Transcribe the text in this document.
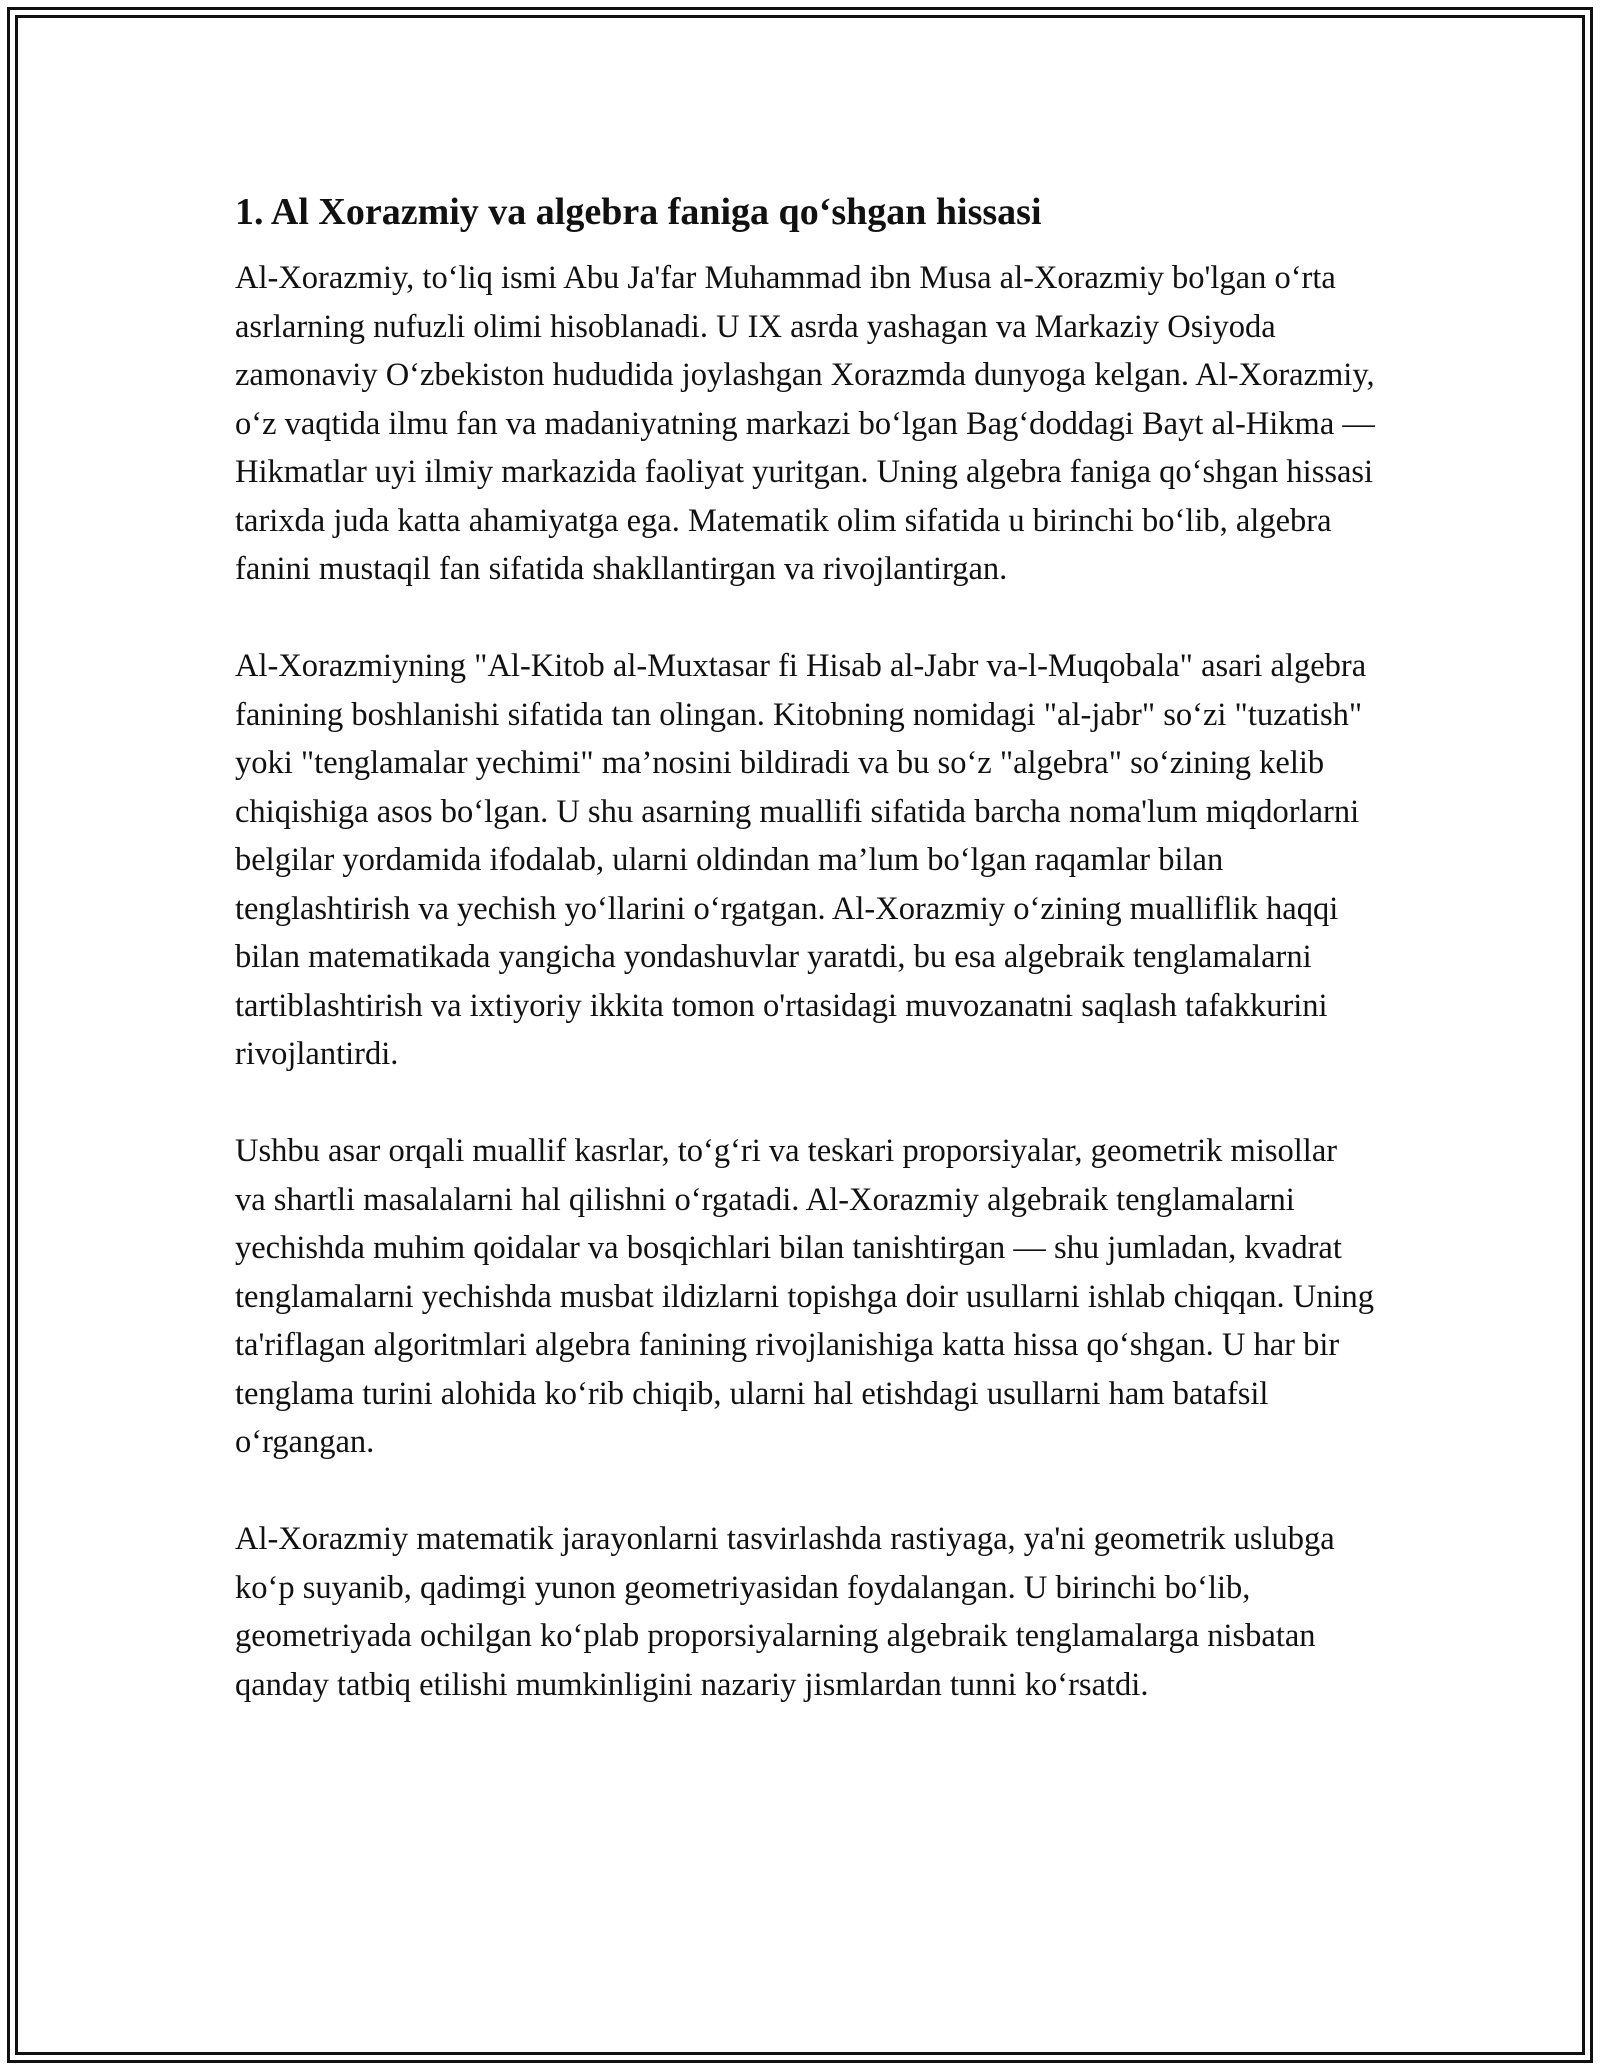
1. Al Xorazmiy va algebra faniga qo‘shgan hissasi

Al-Xorazmiy, to‘liq ismi Abu Ja'far Muhammad ibn Musa al-Xorazmiy bo'lgan o‘rta asrlarning nufuzli olimi hisoblanadi. U IX asrda yashagan va Markaziy Osiyoda zamonaviy O‘zbekiston hududida joylashgan Xorazmda dunyoga kelgan. Al-Xorazmiy, o‘z vaqtida ilmu fan va madaniyatning markazi bo‘lgan Bag‘doddagi Bayt al-Hikma — Hikmatlar uyi ilmiy markazida faoliyat yuritgan. Uning algebra faniga qo‘shgan hissasi tarixda juda katta ahamiyatga ega. Matematik olim sifatida u birinchi bo‘lib, algebra fanini mustaqil fan sifatida shakllantirgan va rivojlantirgan.

Al-Xorazmiyning "Al-Kitob al-Muxtasar fi Hisab al-Jabr va-l-Muqobala" asari algebra fanining boshlanishi sifatida tan olingan. Kitobning nomidagi "al-jabr" so‘zi "tuzatish" yoki "tenglamalar yechimi" ma’nosini bildiradi va bu so‘z "algebra" so‘zining kelib chiqishiga asos bo‘lgan. U shu asarning muallifi sifatida barcha noma'lum miqdorlarni belgilar yordamida ifodalab, ularni oldindan ma’lum bo‘lgan raqamlar bilan tenglashtirish va yechish yo‘llarini o‘rgatgan. Al-Xorazmiy o‘zining mualliflik haqqi bilan matematikada yangicha yondashuvlar yaratdi, bu esa algebraik tenglamalarni tartiblashtirish va ixtiyoriy ikkita tomon o'rtasidagi muvozanatni saqlash tafakkurini rivojlantirdi.

Ushbu asar orqali muallif kasrlar, to‘g‘ri va teskari proporsiyalar, geometrik misollar va shartli masalalarni hal qilishni o‘rgatadi. Al-Xorazmiy algebraik tenglamalarni yechishda muhim qoidalar va bosqichlari bilan tanishtirgan — shu jumladan, kvadrat tenglamalarni yechishda musbat ildizlarni topishga doir usullarni ishlab chiqqan. Uning ta'riflagan algoritmlari algebra fanining rivojlanishiga katta hissa qo‘shgan. U har bir tenglama turini alohida ko‘rib chiqib, ularni hal etishdagi usullarni ham batafsil o‘rgangan.

Al-Xorazmiy matematik jarayonlarni tasvirlashda rastiyaga, ya'ni geometrik uslubga ko‘p suyanib, qadimgi yunon geometriyasidan foydalangan. U birinchi bo‘lib, geometriyada ochilgan ko‘plab proporsiyalarning algebraik tenglamalarga nisbatan qanday tatbiq etilishi mumkinligini nazariy jismlardan tunni ko‘rsatdi.
